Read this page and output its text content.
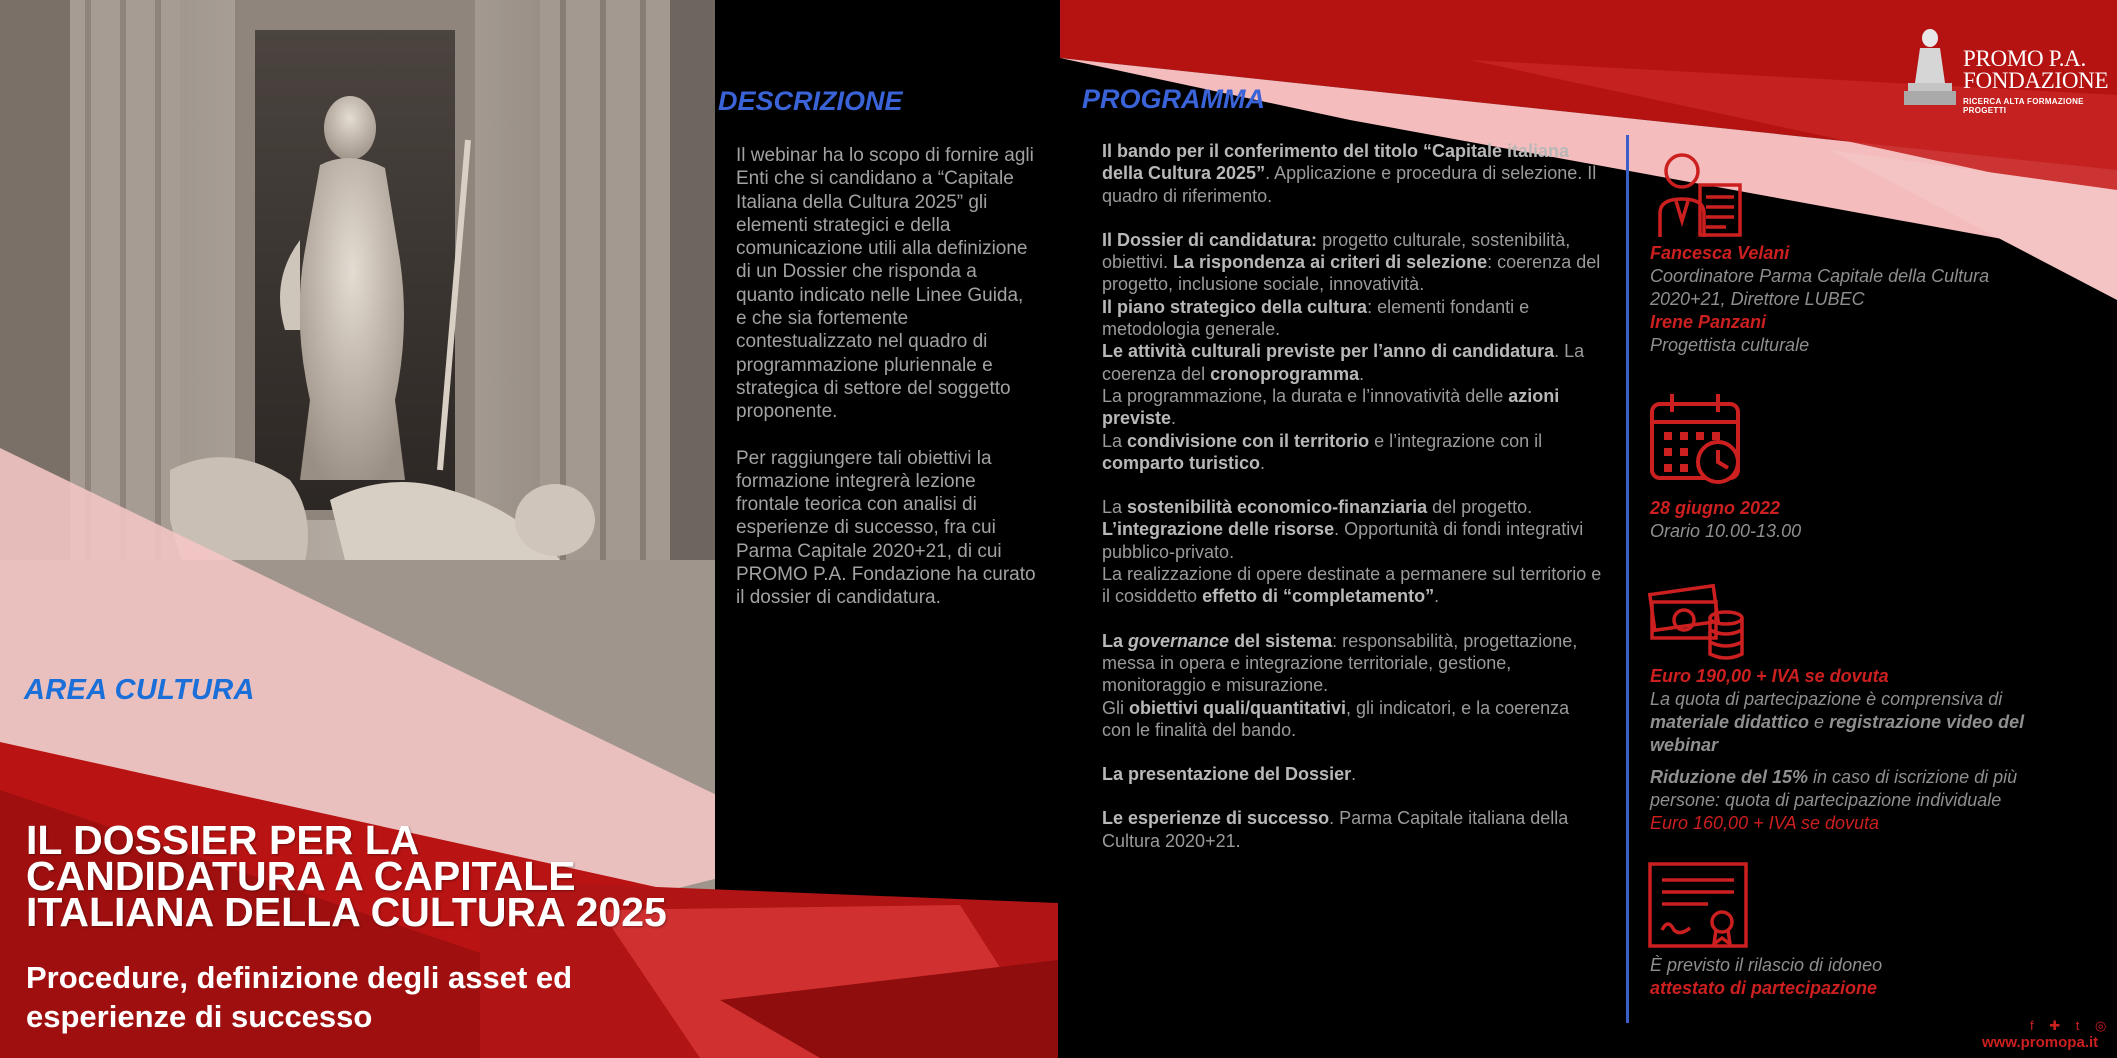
AREA CULTURA
IL DOSSIER PER LA
CANDIDATURA A CAPITALE
ITALIANA DELLA CULTURA 2025
Procedure, definizione degli asset ed
esperienze di successo
PROMO P.A.
FONDAZIONE
RICERCA ALTA FORMAZIONE PROGETTI
DESCRIZIONE

Il webinar ha lo scopo di fornire agli Enti che si candidano a “Capitale Italiana della Cultura 2025” gli elementi strategici e della comunicazione utili alla definizione di un Dossier che risponda a quanto indicato nelle Linee Guida, e che sia fortemente contestualizzato nel quadro di programmazione pluriennale e strategica di settore del soggetto proponente.

Per raggiungere tali obiettivi la formazione integrerà lezione frontale teorica con analisi di esperienze di successo, fra cui Parma Capitale 2020+21, di cui PROMO P.A. Fondazione ha curato il dossier di candidatura.

PROGRAMMA

Il bando per il conferimento del titolo “Capitale italiana della Cultura 2025”. Applicazione e procedura di selezione. Il quadro di riferimento.

Il Dossier di candidatura: progetto culturale, sostenibilità, obiettivi. La rispondenza ai criteri di selezione: coerenza del progetto, inclusione sociale, innovatività.
Il piano strategico della cultura: elementi fondanti e metodologia generale.
Le attività culturali previste per l’anno di candidatura. La coerenza del cronoprogramma.
La programmazione, la durata e l’innovatività delle azioni previste.
La condivisione con il territorio e l’integrazione con il comparto turistico.

La sostenibilità economico-finanziaria del progetto.
L’integrazione delle risorse. Opportunità di fondi integrativi pubblico-privato.
La realizzazione di opere destinate a permanere sul territorio e il cosiddetto effetto di “completamento”.

La governance del sistema: responsabilità, progettazione, messa in opera e integrazione territoriale, gestione, monitoraggio e misurazione.
Gli obiettivi quali/quantitativi, gli indicatori, e la coerenza con le finalità del bando.

La presentazione del Dossier.

Le esperienze di successo. Parma Capitale italiana della Cultura 2020+21.

Fancesca Velani

Coordinatore Parma Capitale della Cultura 2020+21, Direttore LUBEC

Irene Panzani

Progettista culturale

28 giugno 2022

Orario 10.00-13.00

Euro 190,00 + IVA se dovuta

La quota di partecipazione è comprensiva di materiale didattico e registrazione video del webinar

Riduzione del 15% in caso di iscrizione di più persone: quota di partecipazione individuale

Euro 160,00 + IVA se dovuta

È previsto il rilascio di idoneo

attestato di partecipazione

f ✚ t ◎
www.promopa.it
